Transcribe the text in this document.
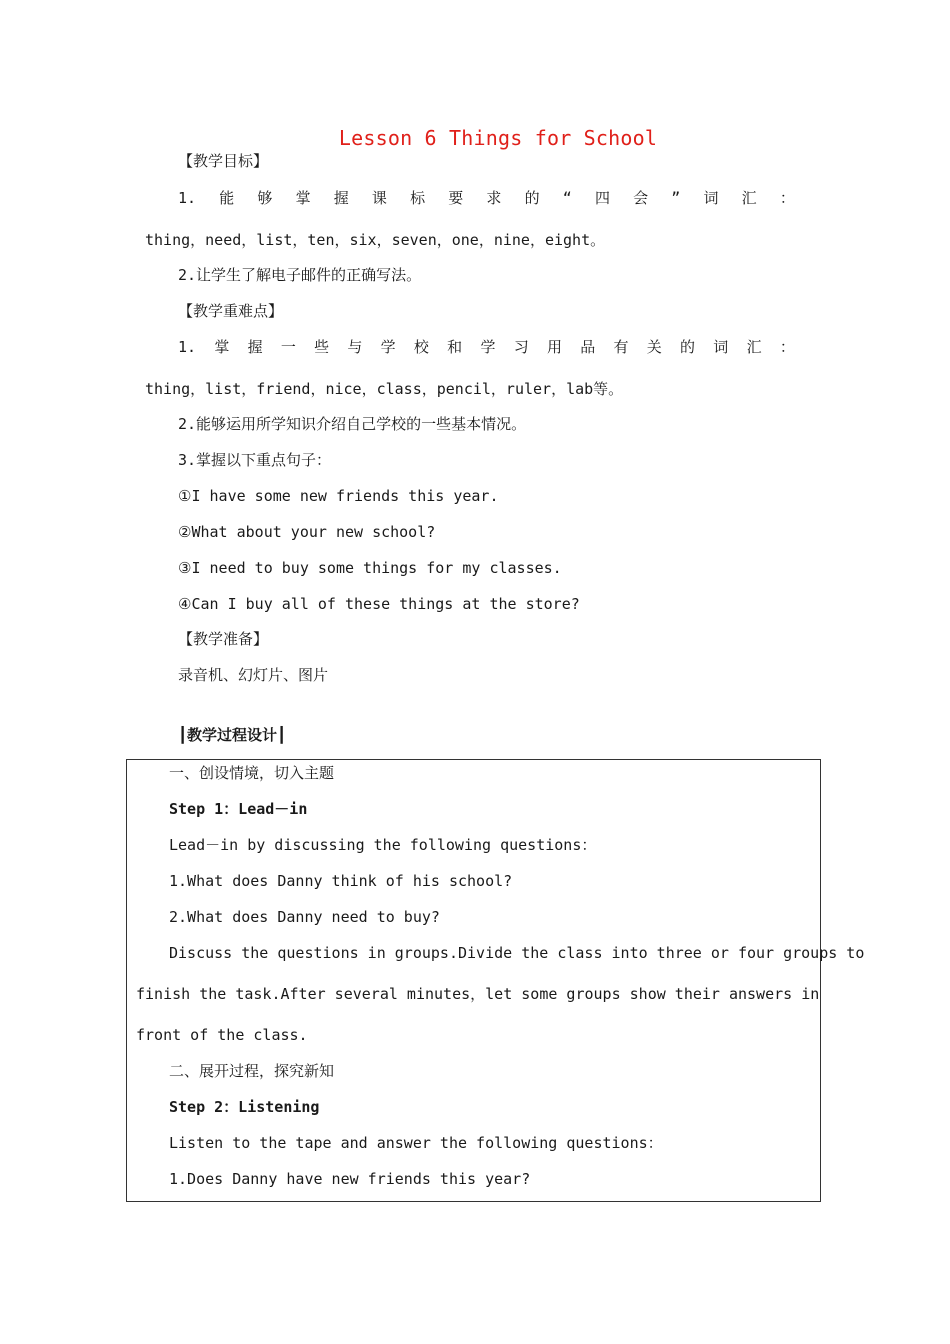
Lesson 6 Things for School
【教学目标】
1. 能 够 掌 握 课 标 要 求 的 “ 四 会 ” 词 汇 ：
thing，need，list，ten，six，seven，one，nine，eight。
2.让学生了解电子邮件的正确写法。
【教学重难点】
1. 掌 握 一 些 与 学 校 和 学 习 用 品 有 关 的 词 汇 ：
thing，list，friend，nice，class，pencil，ruler，lab等。
2.能够运用所学知识介绍自己学校的一些基本情况。
3.掌握以下重点句子：
①I have some new friends this year.
②What about your new school?
③I need to buy some things for my classes.
④Can I buy all of these things at the store?
【教学准备】
录音机、幻灯片、图片
┃教学过程设计┃
一、创设情境，切入主题
Step 1：Lead－in
Lead－in by discussing the following questions：
1.What does Danny think of his school?
2.What does Danny need to buy?
Discuss the questions in groups.Divide the class into three or four groups to
finish the task.After several minutes，let some groups show their answers in
front of the class.
二、展开过程，探究新知
Step 2：Listening
Listen to the tape and answer the following questions：
1.Does Danny have new friends this year?
